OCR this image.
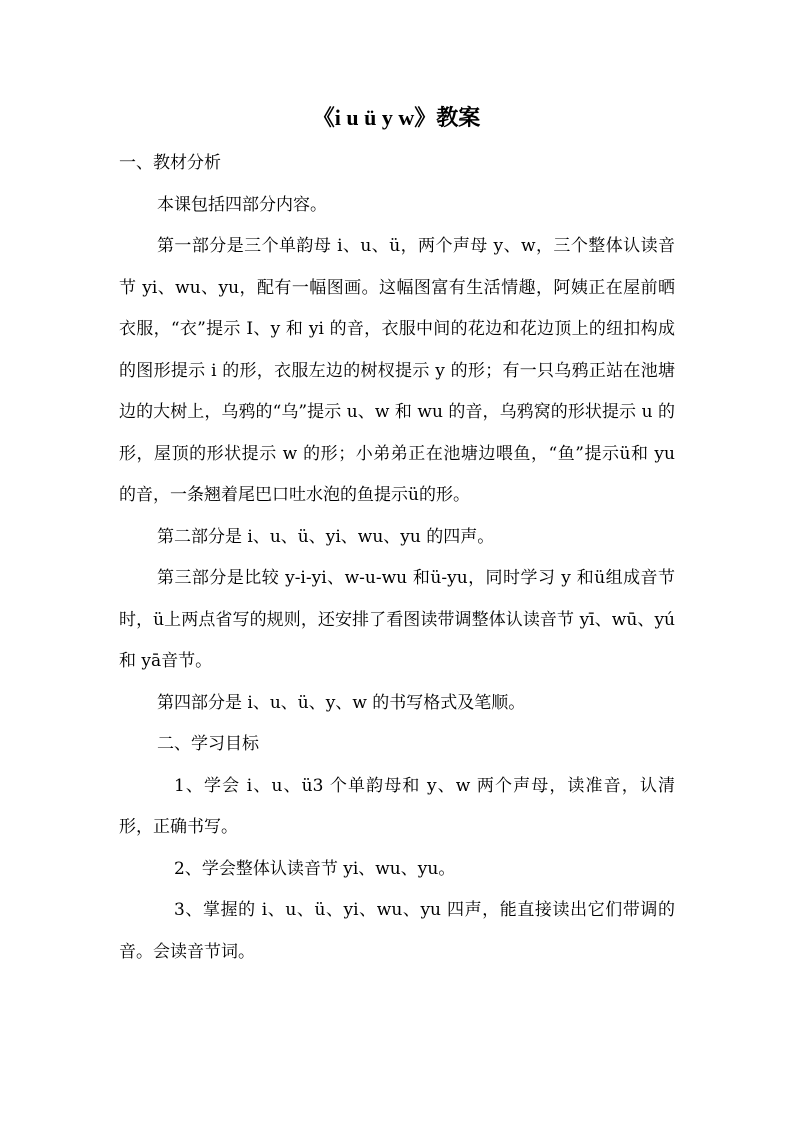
《i u ü y w》教案

一、教材分析

本课包括四部分内容。

第一部分是三个单韵母 i、u、ü，两个声母 y、w，三个整体认读音节 yi、wu、yu，配有一幅图画。这幅图富有生活情趣，阿姨正在屋前晒衣服，“衣”提示 I、y 和 yi 的音，衣服中间的花边和花边顶上的纽扣构成的图形提示 i 的形，衣服左边的树杈提示 y 的形；有一只乌鸦正站在池塘边的大树上，乌鸦的“乌”提示 u、w 和 wu 的音，乌鸦窝的形状提示 u 的形，屋顶的形状提示 w 的形；小弟弟正在池塘边喂鱼，“鱼”提示ü和 yu 的音，一条翘着尾巴口吐水泡的鱼提示ü的形。

第二部分是 i、u、ü、yi、wu、yu 的四声。

第三部分是比较 y-i-yi、w-u-wu 和ü-yu，同时学习 y 和ü组成音节时，ü上两点省写的规则，还安排了看图读带调整体认读音节 yī、wū、yú和 yā音节。

第四部分是 i、u、ü、y、w 的书写格式及笔顺。

二、学习目标

1、学会 i、u、ü3 个单韵母和 y、w 两个声母，读准音，认清形，正确书写。

2、学会整体认读音节 yi、wu、yu。

3、掌握的 i、u、ü、yi、wu、yu 四声，能直接读出它们带调的音。会读音节词。
